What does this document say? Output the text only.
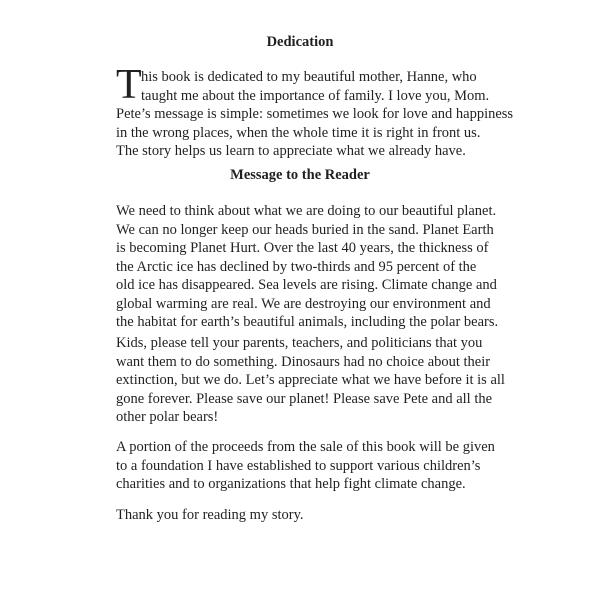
Dedication
T his book is dedicated to my beautiful mother, Hanne, who
taught me about the importance of family. I love you, Mom.
Pete’s message is simple: sometimes we look for love and happiness
in the wrong places, when the whole time it is right in front us.
The story helps us learn to appreciate what we already have.
Message to the Reader
We need to think about what we are doing to our beautiful planet.
We can no longer keep our heads buried in the sand. Planet Earth
is becoming Planet Hurt. Over the last 40 years, the thickness of
the Arctic ice has declined by two-thirds and 95 percent of the
old ice has disappeared. Sea levels are rising. Climate change and
global warming are real. We are destroying our environment and
the habitat for earth’s beautiful animals, including the polar bears.
Kids, please tell your parents, teachers, and politicians that you
want them to do something. Dinosaurs had no choice about their
extinction, but we do. Let’s appreciate what we have before it is all
gone forever. Please save our planet! Please save Pete and all the
other polar bears!
A portion of the proceeds from the sale of this book will be given
to a foundation I have established to support various children’s
charities and to organizations that help fight climate change.
Thank you for reading my story.
